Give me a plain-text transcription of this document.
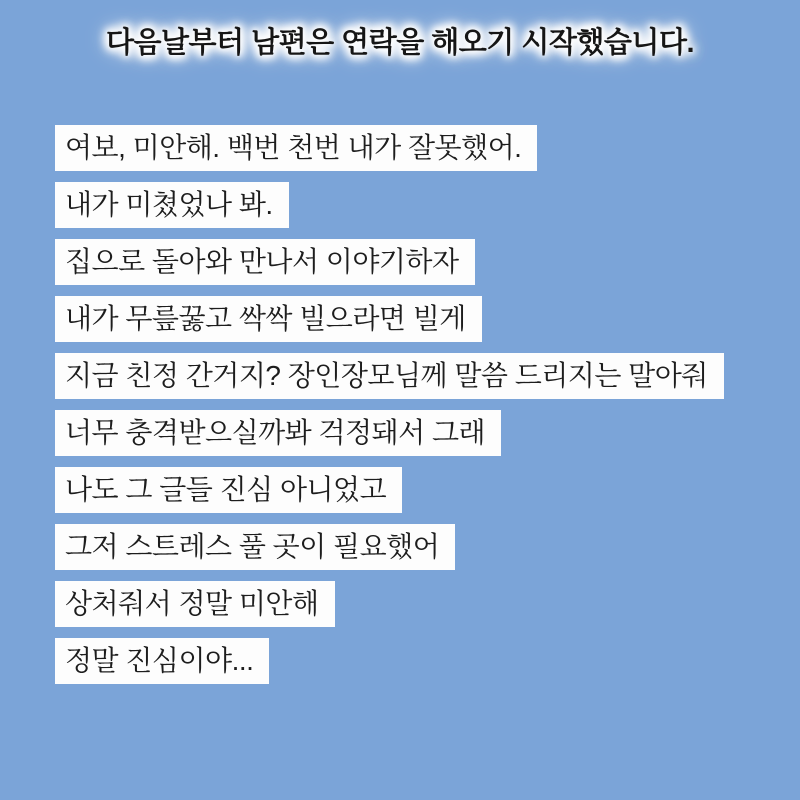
다음날부터 남편은 연락을 해오기 시작했습니다.
여보, 미안해. 백번 천번 내가 잘못했어.
내가 미쳤었나 봐.
집으로 돌아와 만나서 이야기하자
내가 무릎꿇고 싹싹 빌으라면 빌게
지금 친정 간거지? 장인장모님께 말씀 드리지는 말아줘
너무 충격받으실까봐 걱정돼서 그래
나도 그 글들 진심 아니었고
그저 스트레스 풀 곳이 필요했어
상처줘서 정말 미안해
정말 진심이야...
